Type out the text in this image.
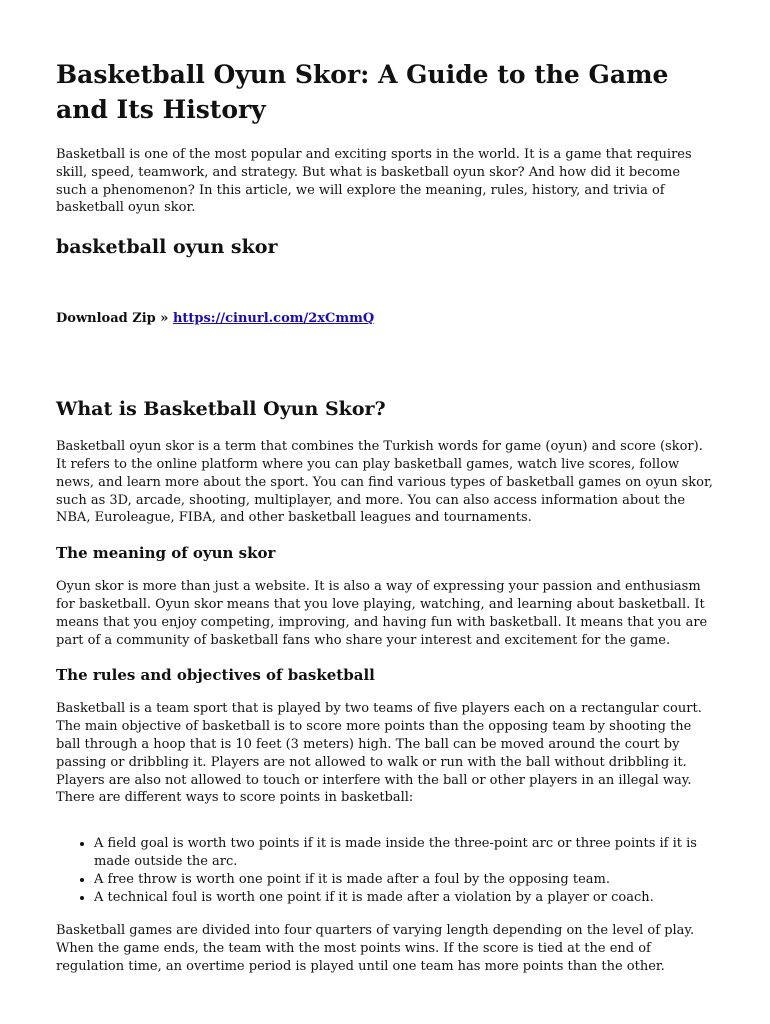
Basketball Oyun Skor: A Guide to the Game and Its History

Basketball is one of the most popular and exciting sports in the world. It is a game that requires skill, speed, teamwork, and strategy. But what is basketball oyun skor? And how did it become such a phenomenon? In this article, we will explore the meaning, rules, history, and trivia of basketball oyun skor.

basketball oyun skor
Download Zip » https://cinurl.com/2xCmmQ
What is Basketball Oyun Skor?

Basketball oyun skor is a term that combines the Turkish words for game (oyun) and score (skor). It refers to the online platform where you can play basketball games, watch live scores, follow news, and learn more about the sport. You can find various types of basketball games on oyun skor, such as 3D, arcade, shooting, multiplayer, and more. You can also access information about the NBA, Euroleague, FIBA, and other basketball leagues and tournaments.

The meaning of oyun skor

Oyun skor is more than just a website. It is also a way of expressing your passion and enthusiasm for basketball. Oyun skor means that you love playing, watching, and learning about basketball. It means that you enjoy competing, improving, and having fun with basketball. It means that you are part of a community of basketball fans who share your interest and excitement for the game.

The rules and objectives of basketball

Basketball is a team sport that is played by two teams of five players each on a rectangular court. The main objective of basketball is to score more points than the opposing team by shooting the ball through a hoop that is 10 feet (3 meters) high. The ball can be moved around the court by passing or dribbling it. Players are not allowed to walk or run with the ball without dribbling it. Players are also not allowed to touch or interfere with the ball or other players in an illegal way. There are different ways to score points in basketball:

• A field goal is worth two points if it is made inside the three-point arc or three points if it is made outside the arc.
• A free throw is worth one point if it is made after a foul by the opposing team.
• A technical foul is worth one point if it is made after a violation by a player or coach.

Basketball games are divided into four quarters of varying length depending on the level of play. When the game ends, the team with the most points wins. If the score is tied at the end of regulation time, an overtime period is played until one team has more points than the other.
